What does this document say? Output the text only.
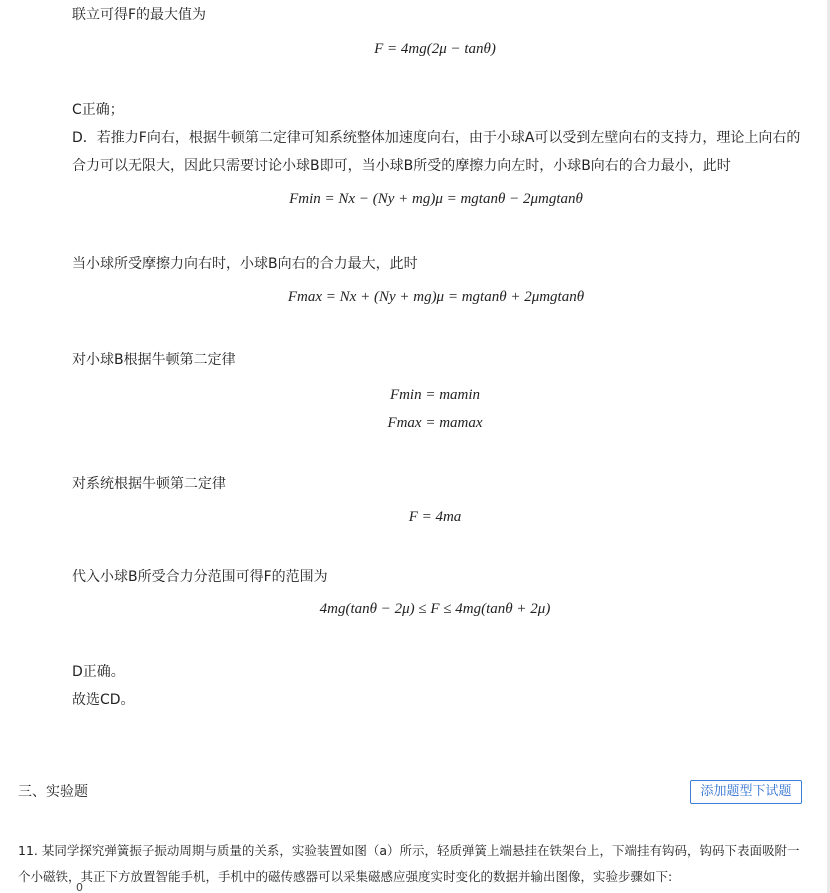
联立可得F的最大值为
F = 4mg(2μ − tanθ)
C正确；
D．若推力F向右，根据牛顿第二定律可知系统整体加速度向右，由于小球A可以受到左壁向右的支持力，理论上向右的合力可以无限大，因此只需要讨论小球B即可，当小球B所受的摩擦力向左时，小球B向右的合力最小，此时
Fmin = Nx − (Ny + mg)μ = mgtanθ − 2μmgtanθ
当小球所受摩擦力向右时，小球B向右的合力最大，此时
Fmax = Nx + (Ny + mg)μ = mgtanθ + 2μmgtanθ
对小球B根据牛顿第二定律
Fmin = mamin
Fmax = mamax
对系统根据牛顿第二定律
F = 4ma
代入小球B所受合力分范围可得F的范围为
4mg(tanθ − 2μ) ≤ F ≤ 4mg(tanθ + 2μ)
D正确。
故选CD。
三、实验题	添加题型下试题
11. 某同学探究弹簧振子振动周期与质量的关系，实验装置如图（a）所示，轻质弹簧上端悬挂在铁架台上，下端挂有钩码，钩码下表面吸附一个小磁铁，其正下方放置智能手机，手机中的磁传感器可以采集磁感应强度实时变化的数据并输出图像，实验步骤如下:
0
